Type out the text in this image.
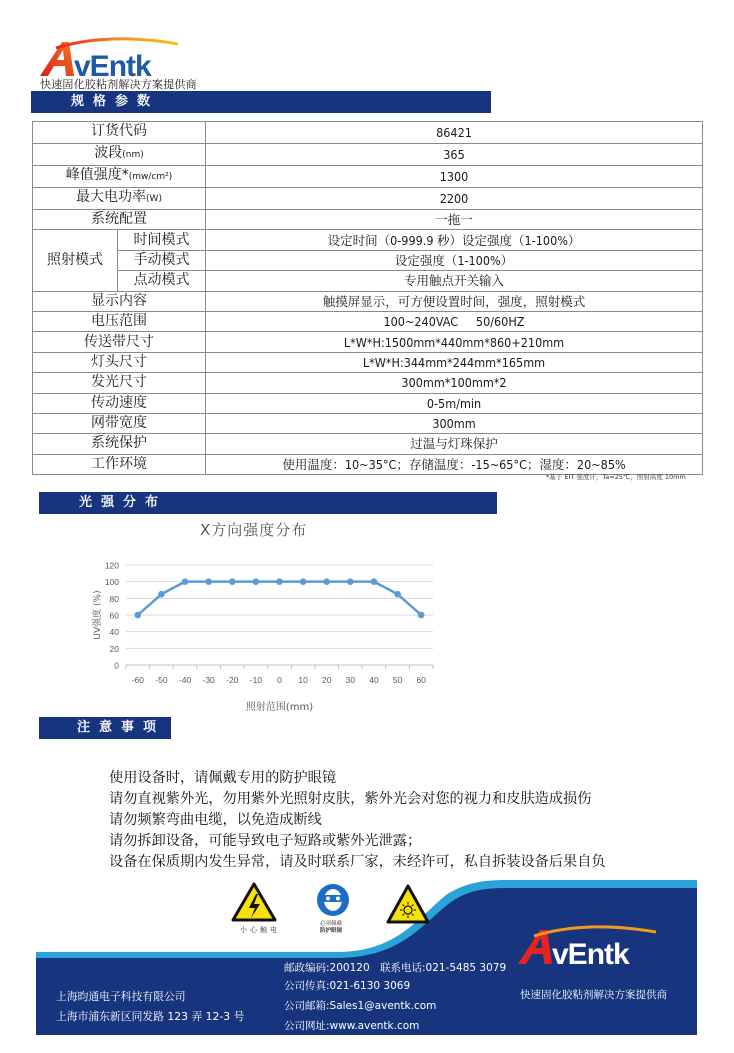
vEntk
快速固化胶粘剂解决方案提供商
规格参数
订货代码		86421
波段(nm)		365
峰值强度*(mw/cm²)		1300
最大电功率(W)		2200
系统配置		一拖一
照射模式	时间模式	设定时间（0-999.9 秒）设定强度（1-100%）
	手动模式	设定强度（1-100%）
	点动模式	专用触点开关输入
显示内容		触摸屏显示，可方便设置时间，强度，照射模式
电压范围		100~240VAC     50/60HZ
传送带尺寸		L*W*H:1500mm*440mm*860+210mm
灯头尺寸		L*W*H:344mm*244mm*165mm
发光尺寸		300mm*100mm*2
传动速度		0-5m/min
网带宽度		300mm
系统保护		过温与灯珠保护
工作环境		使用温度：10~35°C；存储温度：-15~65°C；湿度：20~85%
*基于 EIT 强度计，Ta=25℃，照射高度 10mm
光强分布
X方向强度分布
0
20
40
60
80
100
120
-60 -50 -40 -30 -20 -10 0 10 20 30 40 50 60
照射范围(mm)
UV强度 (%)
注意事项
使用设备时，请佩戴专用的防护眼镜
请勿直视紫外光，勿用紫外光照射皮肤，紫外光会对您的视力和皮肤造成损伤
请勿频繁弯曲电缆，以免造成断线
请勿拆卸设备，可能导致电子短路或紫外光泄露；
设备在保质期内发生异常，请及时联系厂家，未经许可，私自拆装设备后果自负
vEntk
小心触电
必须佩戴
防护眼镜
上海昀通电子科技有限公司
上海市浦东新区同发路 123 弄 12-3 号
邮政编码:200120 联系电话:021-5485 3079
公司传真:021-6130 3069
公司邮箱:Sales1@aventk.com
公司网址:www.aventk.com
快速固化胶粘剂解决方案提供商
